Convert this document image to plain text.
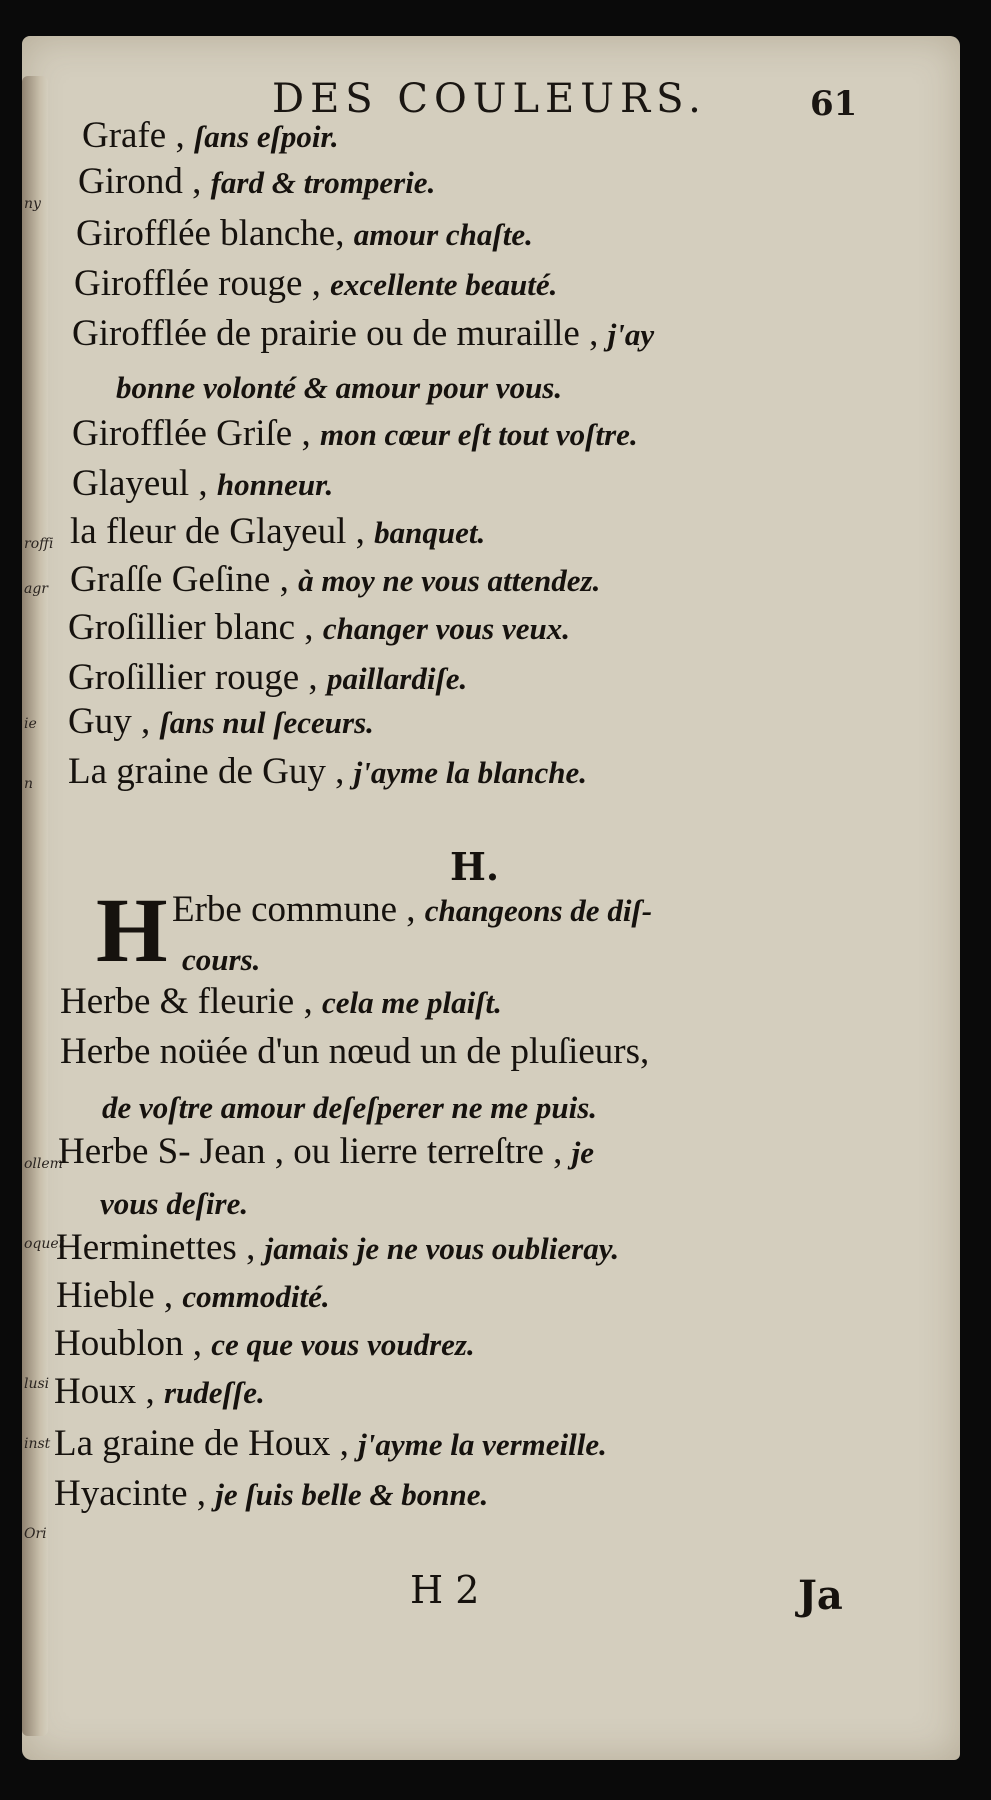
ny
roffi
agr
ie
n
ollem
oquet
lusi
inst
Ori
DES COULEURS.	61
Grafe , ſans eſpoir.
Girond , fard & tromperie.
Girofflée blanche, amour chaſte.
Girofflée rouge , excellente beauté.
Girofflée de prairie ou de muraille , j'ay
bonne volonté & amour pour vous.
Girofflée Griſe , mon cœur eſt tout voſtre.
Glayeul , honneur.
la fleur de Glayeul , banquet.
Graſſe Geſine , à moy ne vous attendez.
Groſillier blanc , changer vous veux.
Groſillier rouge , paillardiſe.
Guy , ſans nul ſeceurs.
La graine de Guy , j'ayme la blanche.
H.
H Erbe commune , changeons de diſ-
cours.
Herbe & fleurie , cela me plaiſt.
Herbe noüée d'un nœud un de pluſieurs,
de voſtre amour deſeſperer ne me puis.
Herbe S- Jean , ou lierre terreſtre , je
vous deſire.
Herminettes , jamais je ne vous oublieray.
Hieble , commodité.
Houblon , ce que vous voudrez.
Houx , rudeſſe.
La graine de Houx , j'ayme la vermeille.
Hyacinte , je ſuis belle & bonne.
H 2	Ja
